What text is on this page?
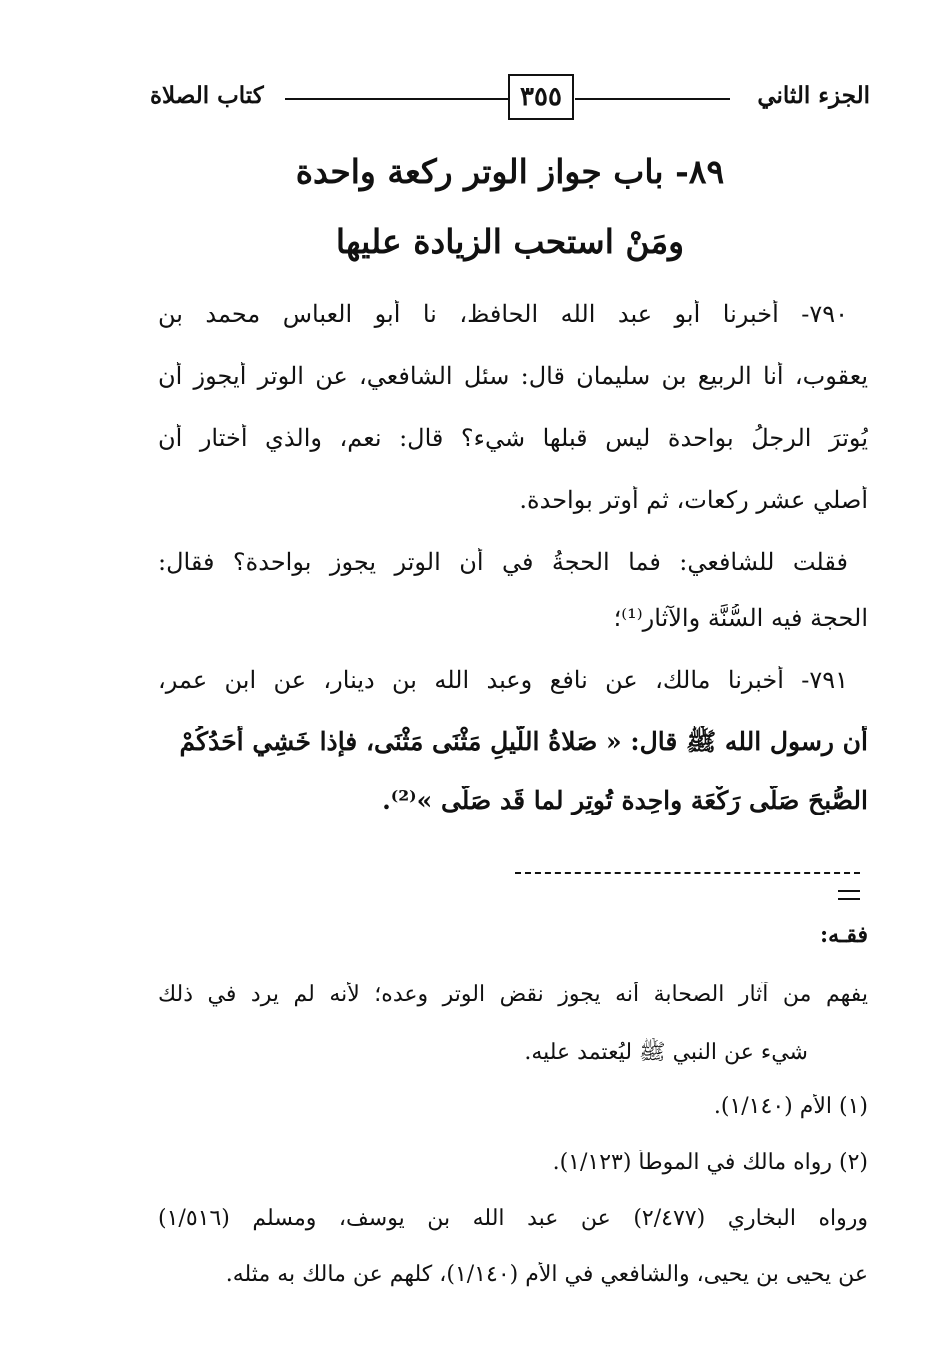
الجزء الثاني
٣٥٥
كتاب الصلاة
٨٩- باب جواز الوتر ركعة واحدة
ومَنْ استحب الزيادة عليها
٧٩٠- أخبرنا أبو عبد الله الحافظ، نا أبو العباس محمد بن
يعقوب، أنا الربيع بن سليمان قال: سئل الشافعي، عن الوتر أيجوز أن
يُوترَ الرجلُ بواحدة ليس قبلها شيء؟ قال: نعم، والذي أختار أن
أصلي عشر ركعات، ثم أوتر بواحدة.
فقلت للشافعي: فما الحجةُ في أن الوتر يجوز بواحدة؟ فقال:
الحجة فيه السُّنَّة والآثار⁽¹⁾؛
٧٩١- أخبرنا مالك، عن نافع وعبد الله بن دينار، عن ابن عمر،
أن رسول الله ﷺ قال: « صَلاةُ اللَّيلِ مَثْنَى مَثْنَى، فإذا خَشِي أَحَدُكُمْ
الصُّبحَ صَلَّى رَكْعَة واحِدة تُوتِر لما قَد صَلَّى »⁽²⁾.
فقـه:
يفهم من آثار الصحابة أنه يجوز نقض الوتر وعده؛ لأنه لم يرد في ذلك
شيء عن النبي ﷺ ليُعتمد عليه.
(١) الأم (١/١٤٠).
(٢) رواه مالك في الموطأ (١/١٢٣).
ورواه البخاري (٢/٤٧٧) عن عبد الله بن يوسف، ومسلم (١/٥١٦)
عن يحيى بن يحيى، والشافعي في الأم (١/١٤٠)، كلهم عن مالك به مثله.
